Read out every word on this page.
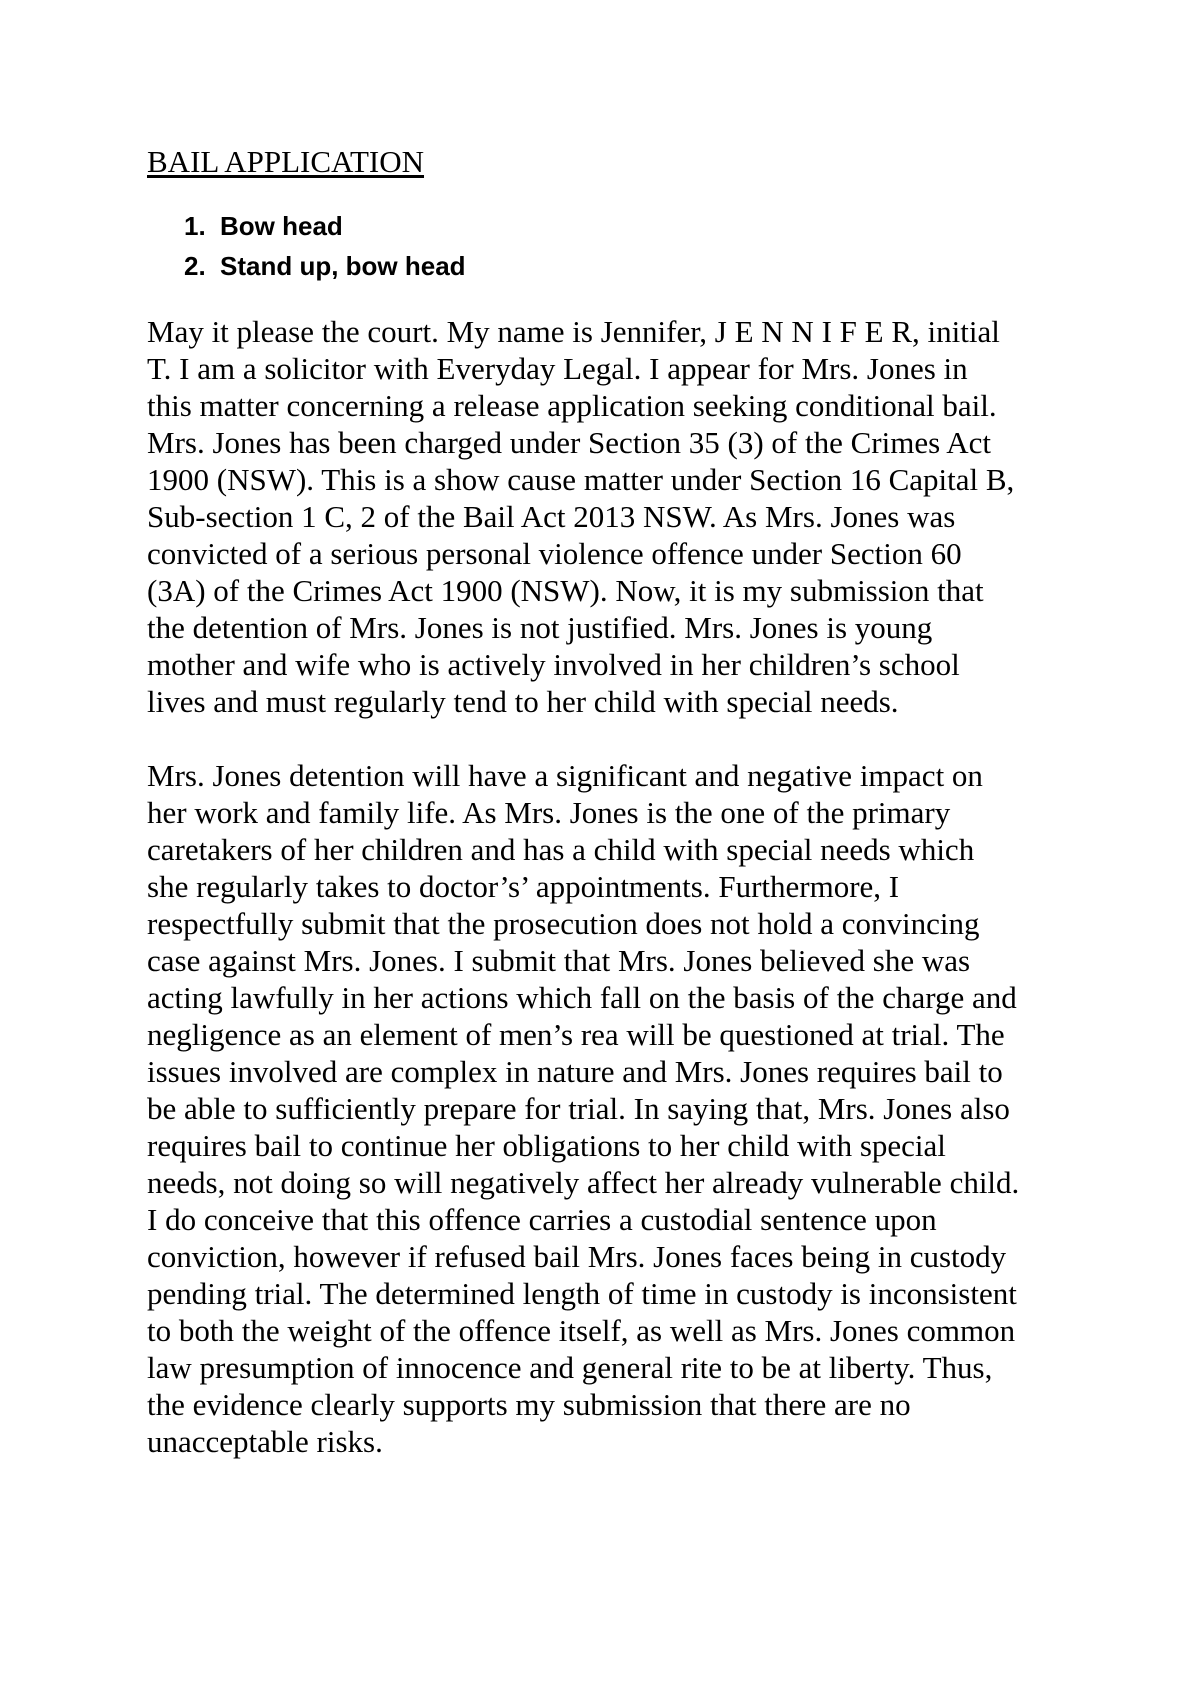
BAIL APPLICATION
1. Bow head
2. Stand up, bow head

May it please the court. My name is Jennifer, J E N N I F E R, initial
T. I am a solicitor with Everyday Legal. I appear for Mrs. Jones in
this matter concerning a release application seeking conditional bail.
Mrs. Jones has been charged under Section 35 (3) of the Crimes Act
1900 (NSW). This is a show cause matter under Section 16 Capital B,
Sub-section 1 C, 2 of the Bail Act 2013 NSW. As Mrs. Jones was
convicted of a serious personal violence offence under Section 60
(3A) of the Crimes Act 1900 (NSW). Now, it is my submission that
the detention of Mrs. Jones is not justified. Mrs. Jones is young
mother and wife who is actively involved in her children’s school
lives and must regularly tend to her child with special needs.

Mrs. Jones detention will have a significant and negative impact on
her work and family life. As Mrs. Jones is the one of the primary
caretakers of her children and has a child with special needs which
she regularly takes to doctor’s’ appointments. Furthermore, I
respectfully submit that the prosecution does not hold a convincing
case against Mrs. Jones. I submit that Mrs. Jones believed she was
acting lawfully in her actions which fall on the basis of the charge and
negligence as an element of men’s rea will be questioned at trial. The
issues involved are complex in nature and Mrs. Jones requires bail to
be able to sufficiently prepare for trial. In saying that, Mrs. Jones also
requires bail to continue her obligations to her child with special
needs, not doing so will negatively affect her already vulnerable child.
I do conceive that this offence carries a custodial sentence upon
conviction, however if refused bail Mrs. Jones faces being in custody
pending trial. The determined length of time in custody is inconsistent
to both the weight of the offence itself, as well as Mrs. Jones common
law presumption of innocence and general rite to be at liberty. Thus,
the evidence clearly supports my submission that there are no
unacceptable risks.
